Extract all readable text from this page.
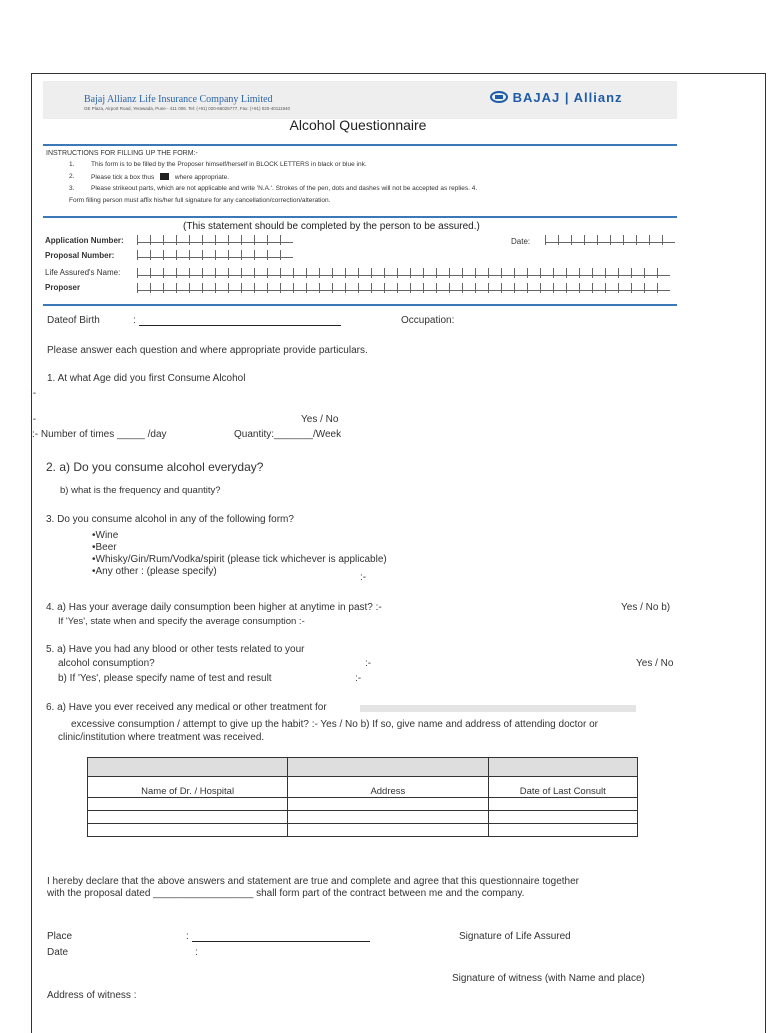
Bajaj Allianz Life Insurance Company Limited
GE Plaza, Airport Road, Yerawada, Pune - 411 006. Tel: (+91) 020-66026777, Fax: (+91) 020-40111940
BAJAJ | Allianz
Alcohol Questionnaire
INSTRUCTIONS FOR FILLING UP THE FORM:-
1.	This form is to be filled by the Proposer himself/herself in BLOCK LETTERS in black or blue ink.
2.	Please tick a box thus	where appropriate.
3.	Please strikeout parts, which are not applicable and write 'N.A.'. Strokes of the pen, dots and dashes will not be accepted as replies. 4.
Form filling person must affix his/her full signature for any cancellation/correction/alteration.
(This statement should be completed by the person to be assured.)
Application Number:	Date:
Proposal Number:
Life Assured's Name:
Proposer
Dateof Birth	:	Occupation:
Please answer each question and where appropriate provide particulars.
1. At what Age did you first Consume Alcohol
:-
:-	Yes / No
:- Number of times _____ /day	Quantity:_______/Week
2. a) Do you consume alcohol everyday?
b) what is the frequency and quantity?
3. Do you consume alcohol in any of the following form?
• Wine
• Beer
• Whisky/Gin/Rum/Vodka/spirit (please tick whichever is applicable)
• Any other : (please specify)
:-
4. a) Has your average daily consumption been higher at anytime in past? :-	Yes / No b)
If 'Yes', state when and specify the average consumption :-
5. a) Have you had any blood or other tests related to your
alcohol consumption?	:-	Yes / No
b) If 'Yes', please specify name of test and result	:-
6. a) Have you ever received any medical or other treatment for
excessive consumption / attempt to give up the habit? :- Yes / No b) If so, give name and address of attending doctor or
clinic/institution where treatment was received.

Name of Dr. / Hospital	Address	Date of Last Consult

I hereby declare that the above answers and statement are true and complete and agree that this questionnaire together
with the proposal dated __________________ shall form part of the contract between me and the company.
Place	:	Signature of Life Assured
Date	:
Signature of witness (with Name and place)
Address of witness :
